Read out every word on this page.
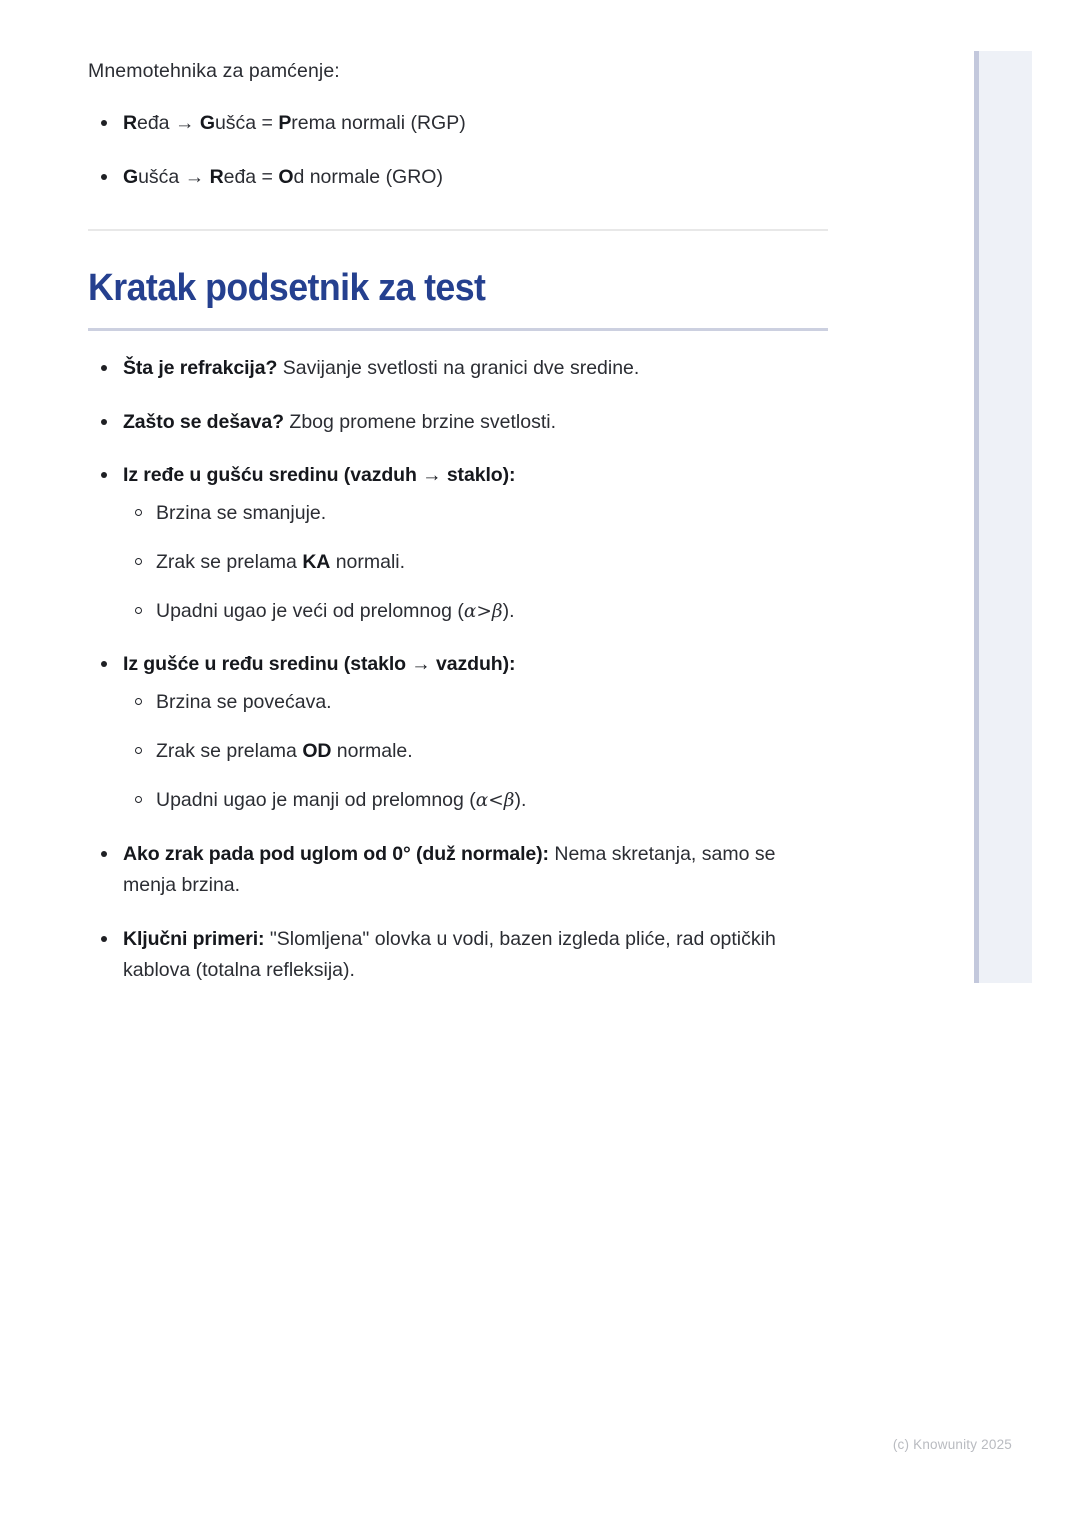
Mnemotehnika za pamćenje:

Ređa → Gušća = Prema normali (RGP)
Gušća → Ređa = Od normale (GRO)
Kratak podsetnik za test
Šta je refrakcija? Savijanje svetlosti na granici dve sredine.
Zašto se dešava? Zbog promene brzine svetlosti.
Iz ređe u gušću sredinu (vazduh → staklo):
Brzina se smanjuje.
Zrak se prelama KA normali.
Upadni ugao je veći od prelomnog (α>β).
Iz gušće u ređu sredinu (staklo → vazduh):
Brzina se povećava.
Zrak se prelama OD normale.
Upadni ugao je manji od prelomnog (α<β).
Ako zrak pada pod uglom od 0° (duž normale): Nema skretanja, samo se menja brzina.
Ključni primeri: "Slomljena" olovka u vodi, bazen izgleda pliće, rad optičkih kablova (totalna refleksija).
(c) Knowunity 2025
